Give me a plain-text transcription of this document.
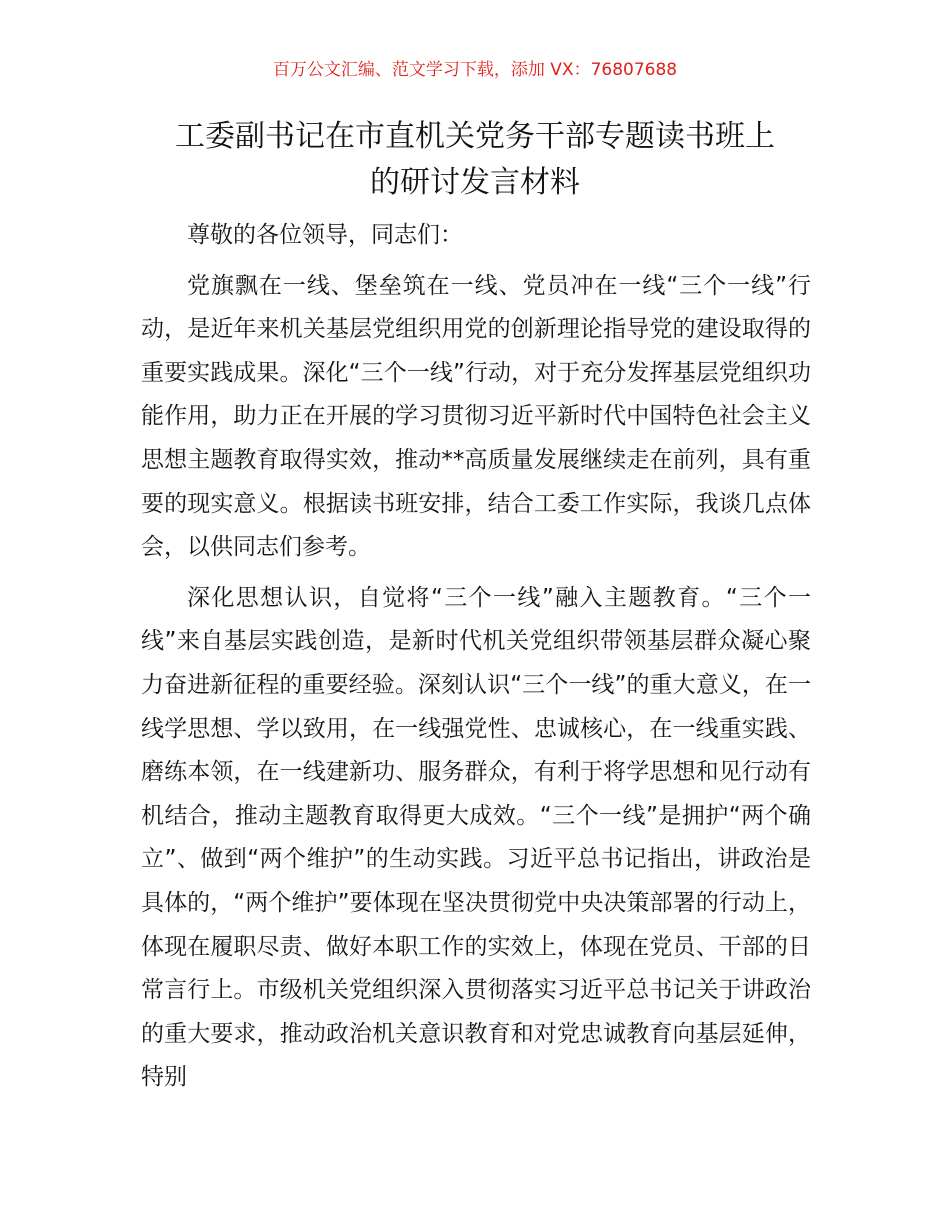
百万公文汇编、范文学习下载，添加 VX：76807688
工委副书记在市直机关党务干部专题读书班上
的研讨发言材料

尊敬的各位领导，同志们：

党旗飘在一线、堡垒筑在一线、党员冲在一线“三个一线”行动，是近年来机关基层党组织用党的创新理论指导党的建设取得的重要实践成果。深化“三个一线”行动，对于充分发挥基层党组织功能作用，助力正在开展的学习贯彻习近平新时代中国特色社会主义思想主题教育取得实效，推动**高质量发展继续走在前列，具有重要的现实意义。根据读书班安排，结合工委工作实际，我谈几点体会，以供同志们参考。

深化思想认识，自觉将“三个一线”融入主题教育。“三个一线”来自基层实践创造，是新时代机关党组织带领基层群众凝心聚力奋进新征程的重要经验。深刻认识“三个一线”的重大意义，在一线学思想、学以致用，在一线强党性、忠诚核心，在一线重实践、磨练本领，在一线建新功、服务群众，有利于将学思想和见行动有机结合，推动主题教育取得更大成效。“三个一线”是拥护“两个确立”、做到“两个维护”的生动实践。习近平总书记指出，讲政治是具体的，“两个维护”要体现在坚决贯彻党中央决策部署的行动上，体现在履职尽责、做好本职工作的实效上，体现在党员、干部的日常言行上。市级机关党组织深入贯彻落实习近平总书记关于讲政治的重大要求，推动政治机关意识教育和对党忠诚教育向基层延伸，特别
